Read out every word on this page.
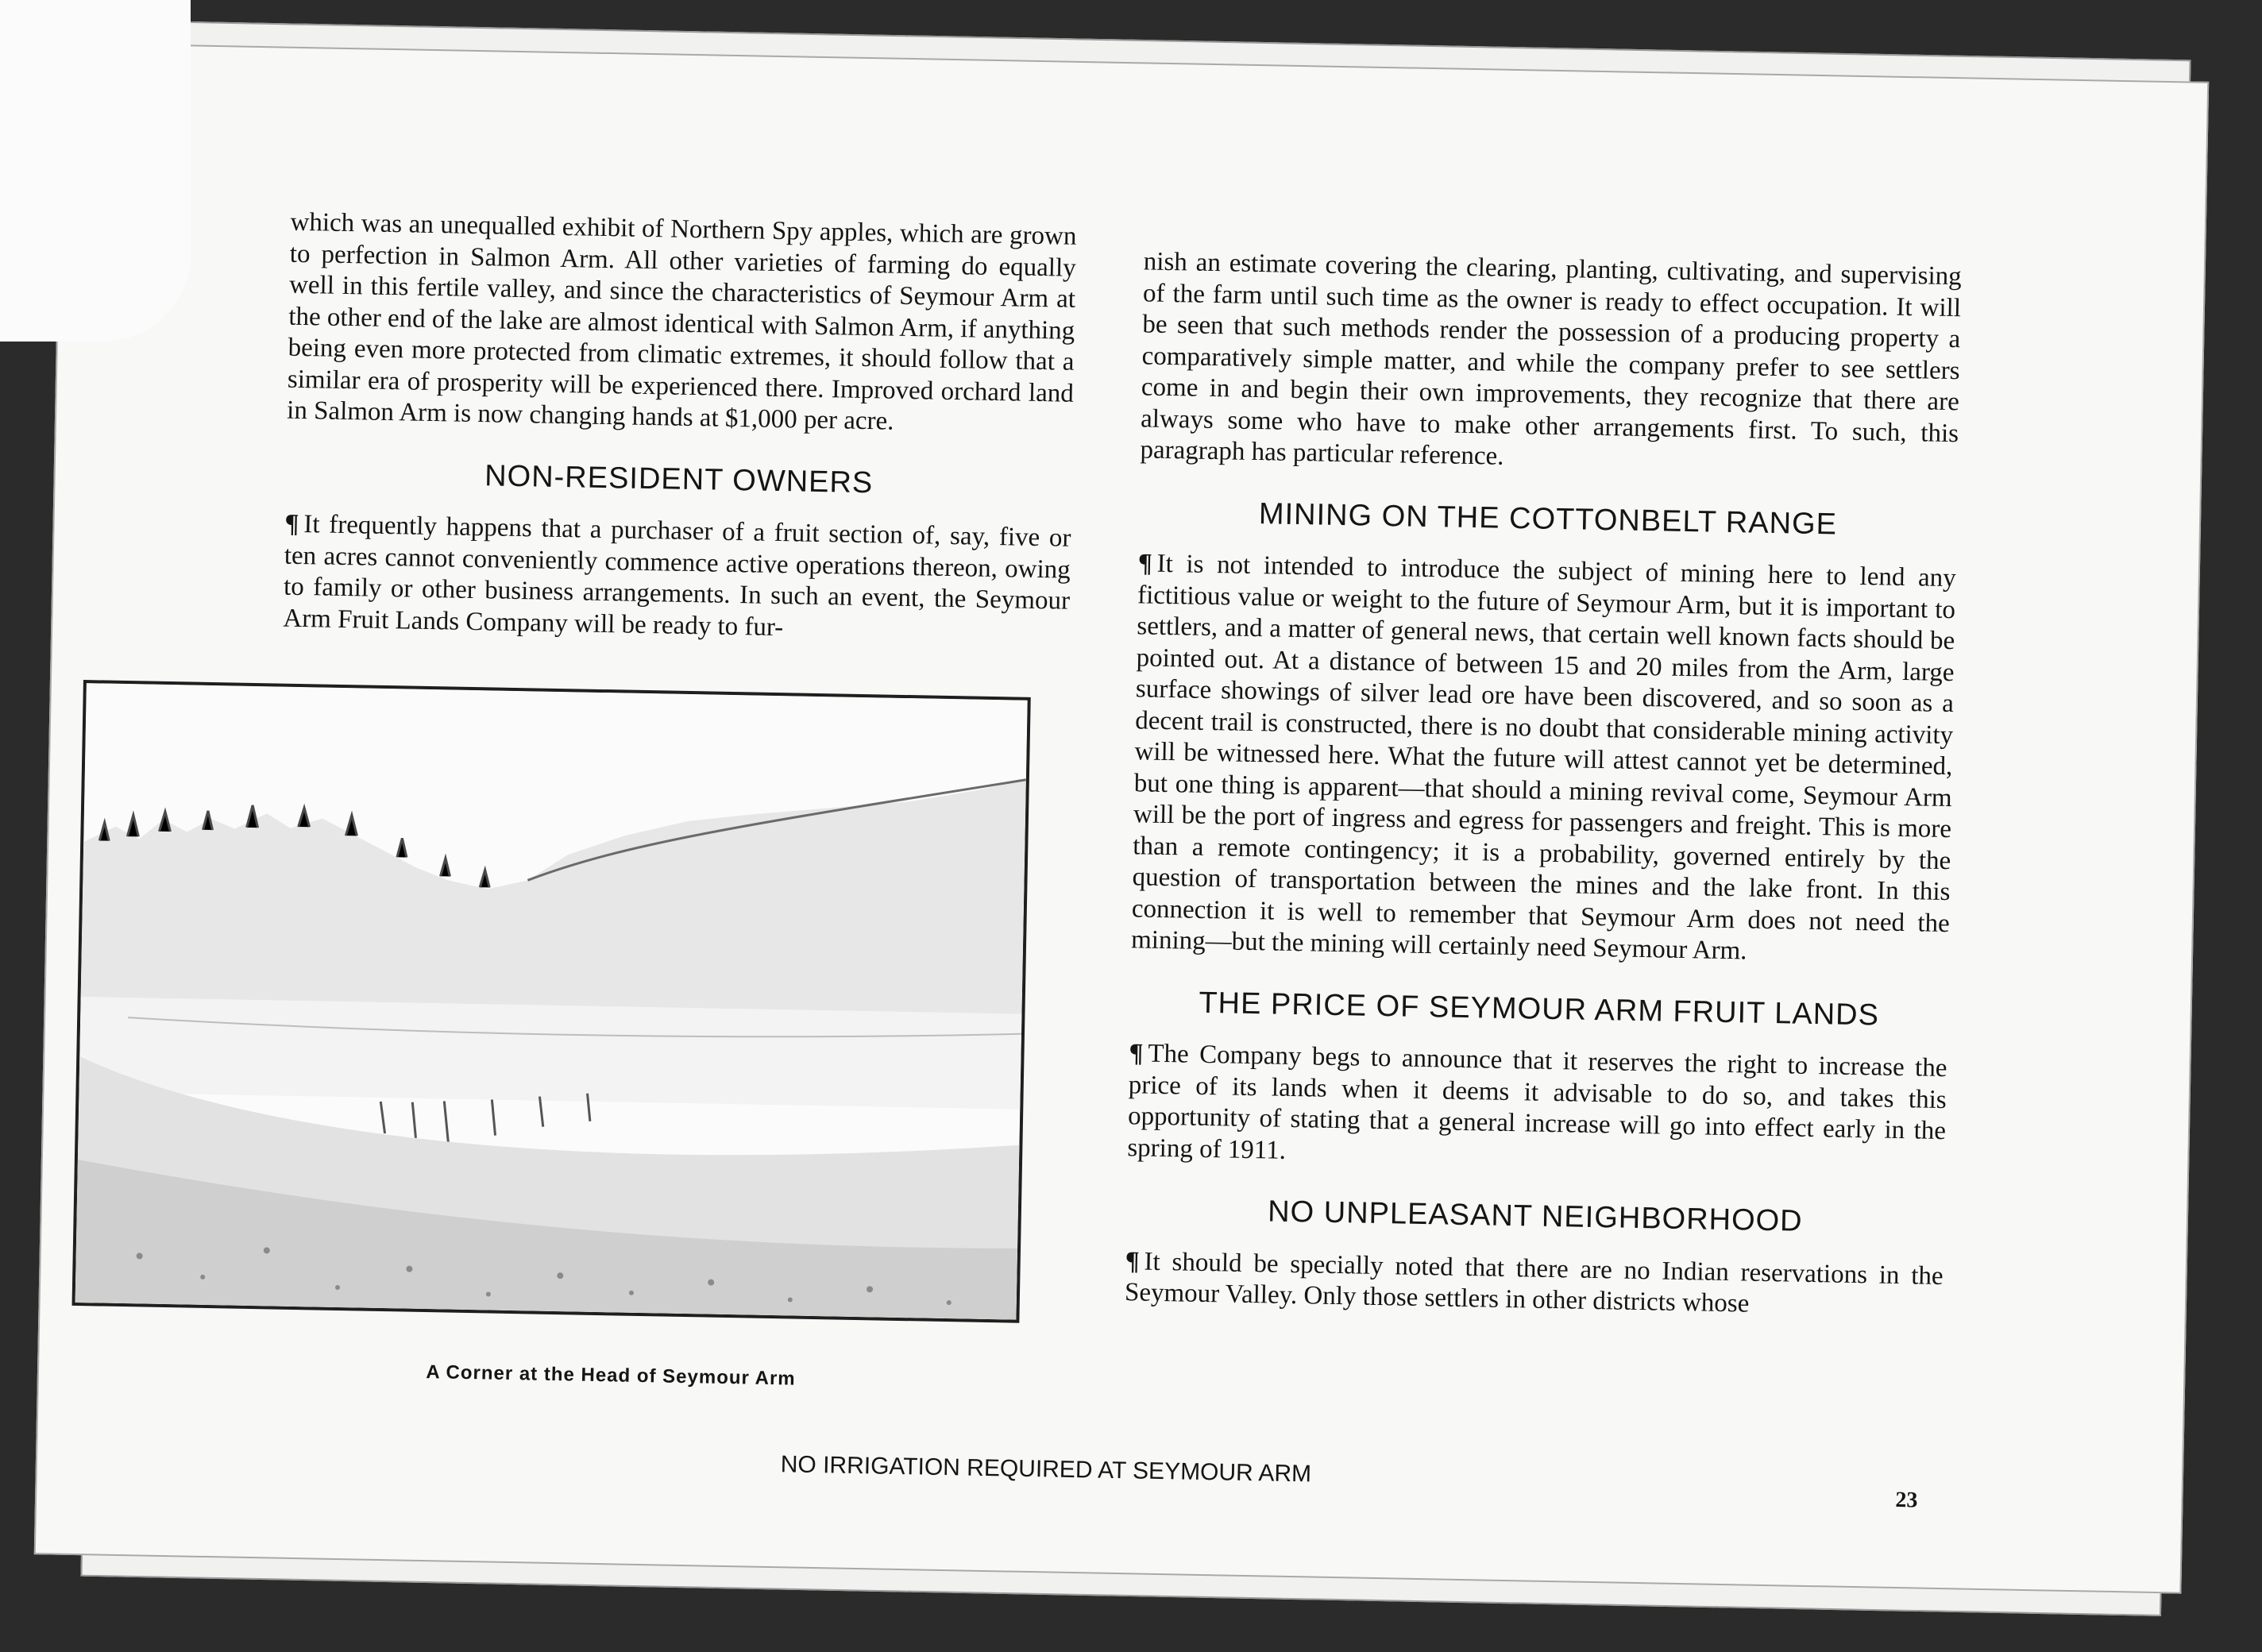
which was an unequalled exhibit of Northern Spy apples, which are grown to perfection in Salmon Arm. All other varieties of farming do equally well in this fertile valley, and since the characteristics of Seymour Arm at the other end of the lake are almost identical with Salmon Arm, if anything being even more protected from climatic extremes, it should follow that a similar era of prosperity will be experienced there. Improved orchard land in Salmon Arm is now changing hands at $1,000 per acre.

NON-RESIDENT OWNERS

¶ It frequently happens that a purchaser of a fruit section of, say, five or ten acres cannot conveniently commence active operations thereon, owing to family or other business arrangements. In such an event, the Seymour Arm Fruit Lands Company will be ready to fur-

A Corner at the Head of Seymour Arm

nish an estimate covering the clearing, planting, cultivating, and supervising of the farm until such time as the owner is ready to effect occupation. It will be seen that such methods render the possession of a producing property a comparatively simple matter, and while the company prefer to see settlers come in and begin their own improvements, they recognize that there are always some who have to make other arrangements first. To such, this paragraph has particular reference.

MINING ON THE COTTONBELT RANGE

¶ It is not intended to introduce the subject of mining here to lend any fictitious value or weight to the future of Seymour Arm, but it is important to settlers, and a matter of general news, that certain well known facts should be pointed out. At a distance of between 15 and 20 miles from the Arm, large surface showings of silver lead ore have been discovered, and so soon as a decent trail is constructed, there is no doubt that considerable mining activity will be witnessed here. What the future will attest cannot yet be determined, but one thing is apparent—that should a mining revival come, Seymour Arm will be the port of ingress and egress for passengers and freight. This is more than a remote contingency; it is a probability, governed entirely by the question of transportation between the mines and the lake front. In this connection it is well to remember that Seymour Arm does not need the mining—but the mining will certainly need Seymour Arm.

THE PRICE OF SEYMOUR ARM FRUIT LANDS

¶ The Company begs to announce that it reserves the right to increase the price of its lands when it deems it advisable to do so, and takes this opportunity of stating that a general increase will go into effect early in the spring of 1911.

NO UNPLEASANT NEIGHBORHOOD

¶ It should be specially noted that there are no Indian reservations in the Seymour Valley. Only those settlers in other districts whose

NO IRRIGATION REQUIRED AT SEYMOUR ARM
23
